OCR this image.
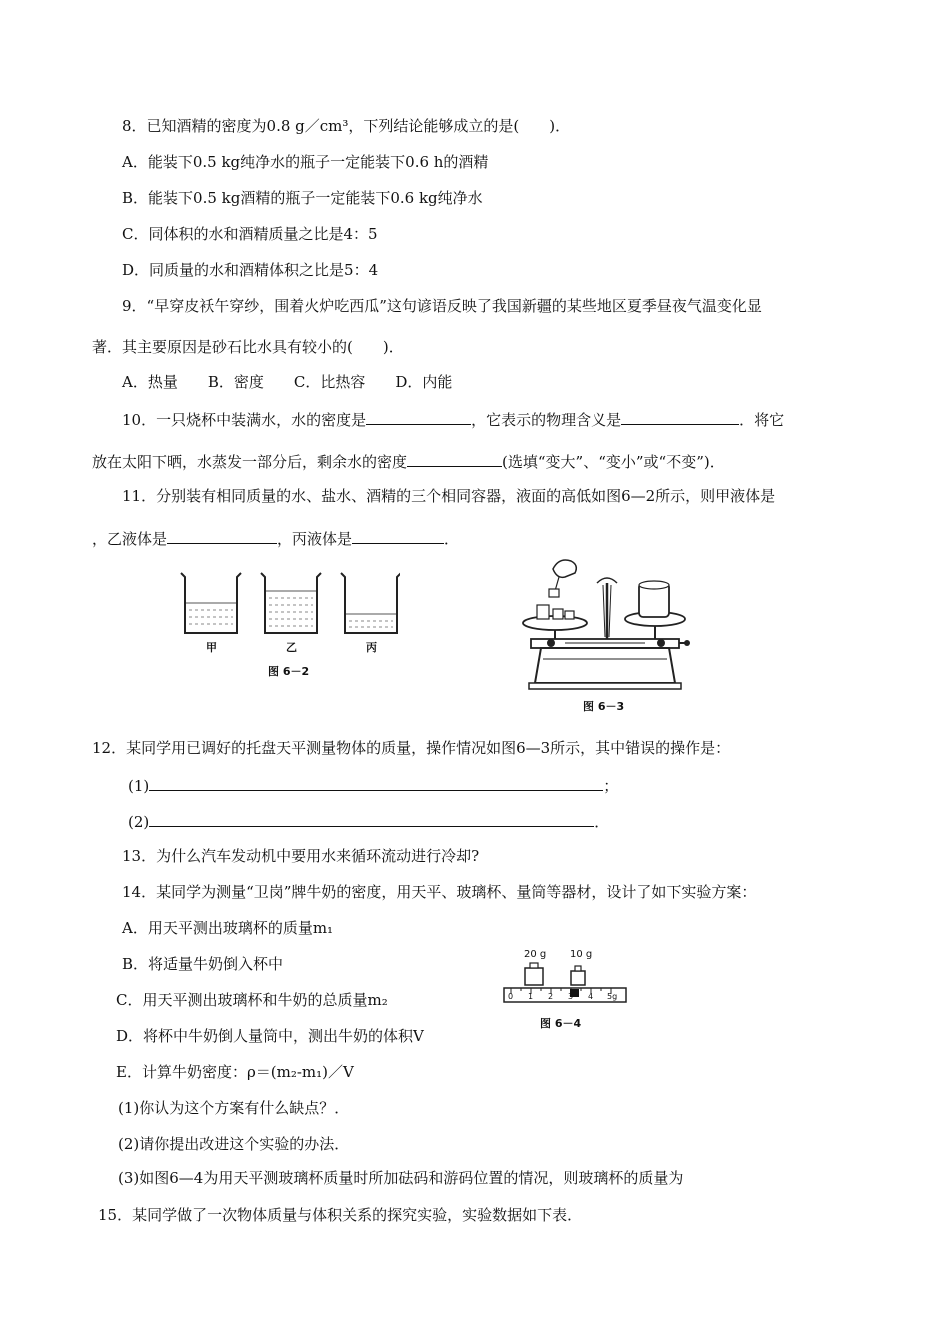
8．已知酒精的密度为0.8 g／cm³，下列结论能够成立的是(　　)．
A．能装下0.5 kg纯净水的瓶子一定能装下0.6 h的酒精
B．能装下0.5 kg酒精的瓶子一定能装下0.6 kg纯净水
C．同体积的水和酒精质量之比是4：5
D．同质量的水和酒精体积之比是5：4
9．“早穿皮袄午穿纱，围着火炉吃西瓜”这句谚语反映了我国新疆的某些地区夏季昼夜气温变化显
著．其主要原因是砂石比水具有较小的(　　)．
A．热量　　B．密度　　C．比热容　　D．内能
10．一只烧杯中装满水，水的密度是	，它表示的物理含义是	．将它
放在太阳下晒，水蒸发一部分后，剩余水的密度	(选填“变大”、“变小”或“不变”)．
11．分别装有相同质量的水、盐水、酒精的三个相同容器，液面的高低如图6—2所示，则甲液体是
，乙液体是	，丙液体是	．
甲	乙	丙
图 6－2
图 6－3
12．某同学用已调好的托盘天平测量物体的质量，操作情况如图6—3所示，其中错误的操作是：
(1)	；
(2)	．
13．为什么汽车发动机中要用水来循环流动进行冷却?
14．某同学为测量“卫岗”牌牛奶的密度，用天平、玻璃杯、量筒等器材，设计了如下实验方案：
A．用天平测出玻璃杯的质量m₁
B．将适量牛奶倒入杯中
C．用天平测出玻璃杯和牛奶的总质量m₂
D．将杯中牛奶倒人量筒中，测出牛奶的体积V
E．计算牛奶密度：ρ＝(m₂-m₁)／V
(1)你认为这个方案有什么缺点？．
(2)请你提出改进这个实验的办法．
(3)如图6—4为用天平测玻璃杯质量时所加砝码和游码位置的情况，则玻璃杯的质量为
20 g 10 g
0 1 2 3 4 5g
图 6－4
15．某同学做了一次物体质量与体积关系的探究实验，实验数据如下表．
